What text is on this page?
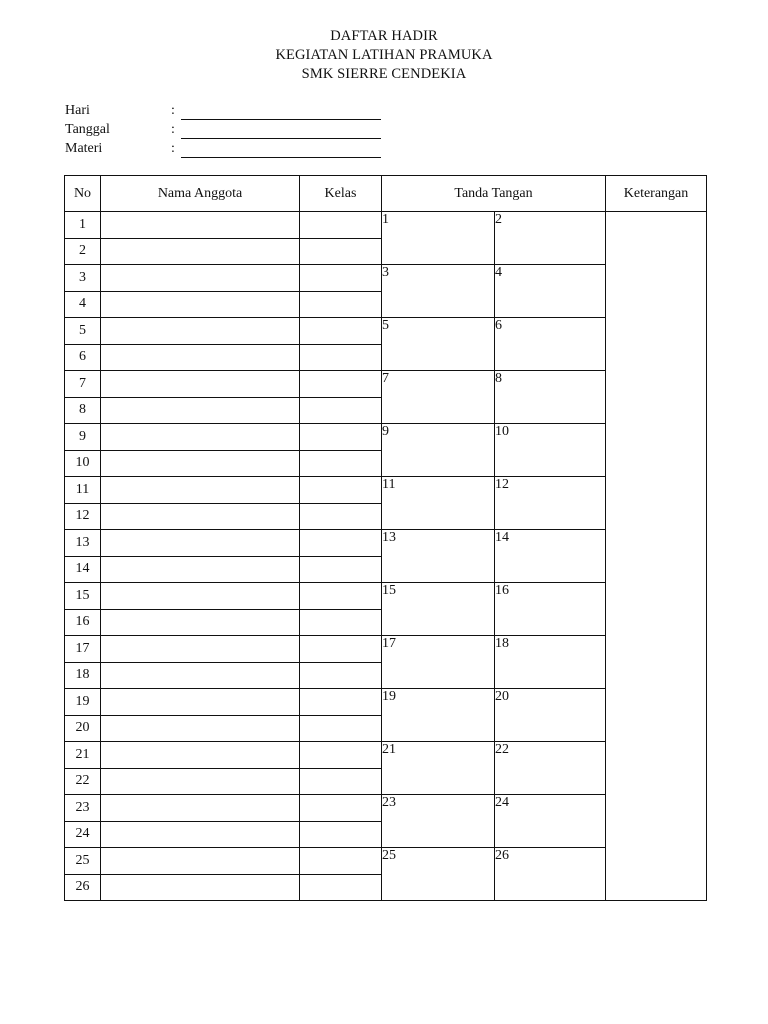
DAFTAR HADIR
KEGIATAN LATIHAN PRAMUKA
SMK SIERRE CENDEKIA
Hari	:
Tanggal	:
Materi	:
No	Nama Anggota	Kelas	Tanda Tangan		Keterangan
1			1	2	
2					
3			3	4	
4					
5			5	6	
6					
7			7	8	
8					
9			9	10	
10					
11			11	12	
12					
13			13	14	
14					
15			15	16	
16					
17			17	18	
18					
19			19	20	
20					
21			21	22	
22					
23			23	24	
24					
25			25	26	
26					
